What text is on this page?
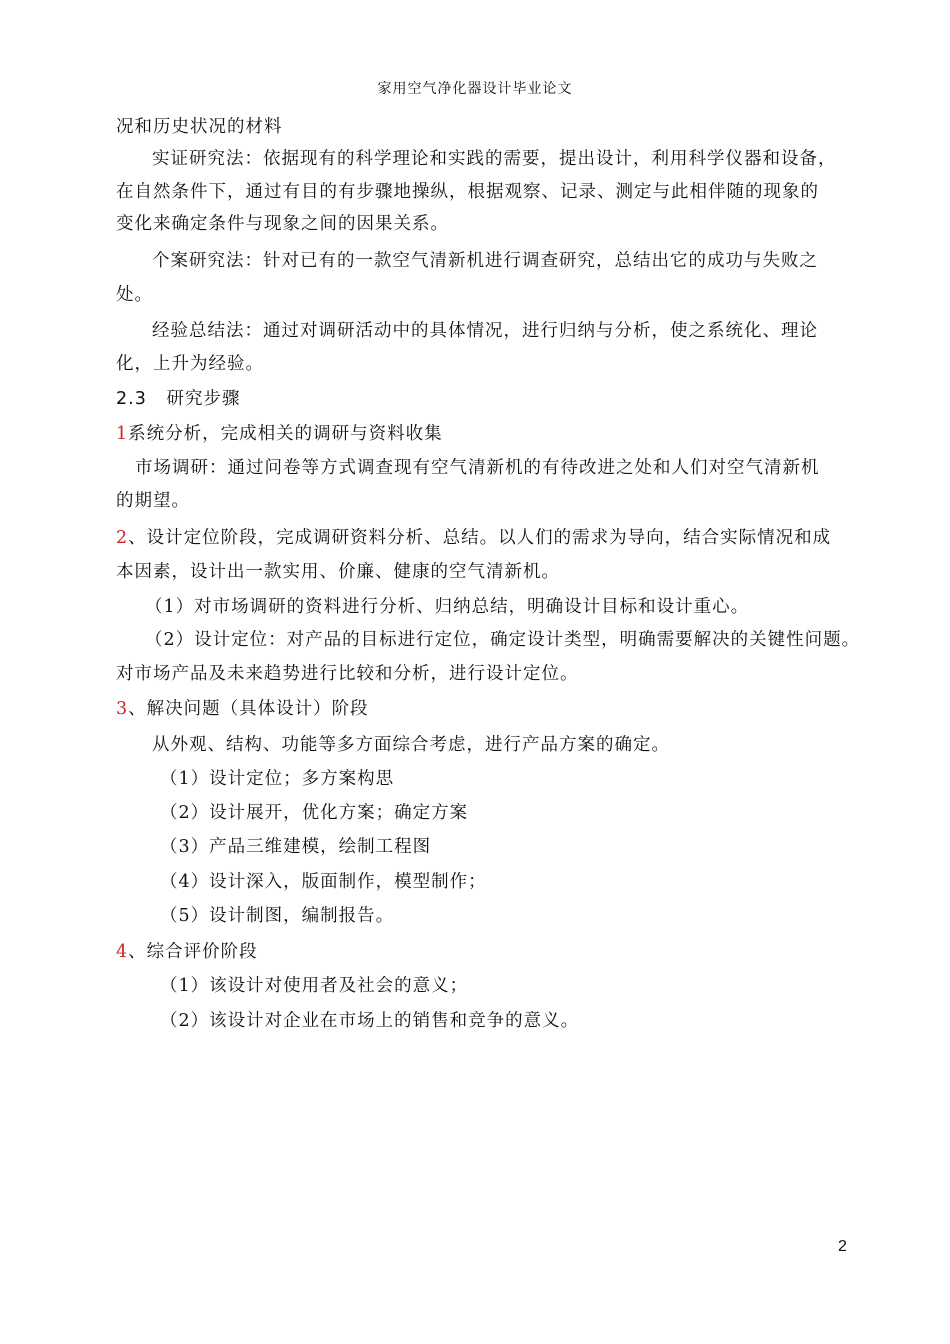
家用空气净化器设计毕业论文
况和历史状况的材料
实证研究法：依据现有的科学理论和实践的需要，提出设计，利用科学仪器和设备，
在自然条件下，通过有目的有步骤地操纵，根据观察、记录、测定与此相伴随的现象的
变化来确定条件与现象之间的因果关系。
个案研究法：针对已有的一款空气清新机进行调查研究，总结出它的成功与失败之
处。
经验总结法：通过对调研活动中的具体情况，进行归纳与分析，使之系统化、理论
化，上升为经验。
2.3 研究步骤
1系统分析，完成相关的调研与资料收集
市场调研：通过问卷等方式调查现有空气清新机的有待改进之处和人们对空气清新机
的期望。
2、设计定位阶段，完成调研资料分析、总结。以人们的需求为导向，结合实际情况和成
本因素，设计出一款实用、价廉、健康的空气清新机。
（1）对市场调研的资料进行分析、归纳总结，明确设计目标和设计重心。
（2）设计定位：对产品的目标进行定位，确定设计类型，明确需要解决的关键性问题。
对市场产品及未来趋势进行比较和分析，进行设计定位。
3、解决问题（具体设计）阶段
从外观、结构、功能等多方面综合考虑，进行产品方案的确定。
（1）设计定位；多方案构思
（2）设计展开，优化方案；确定方案
（3）产品三维建模，绘制工程图
（4）设计深入，版面制作，模型制作；
（5）设计制图，编制报告。
4、综合评价阶段
（1）该设计对使用者及社会的意义；
（2）该设计对企业在市场上的销售和竞争的意义。
2
